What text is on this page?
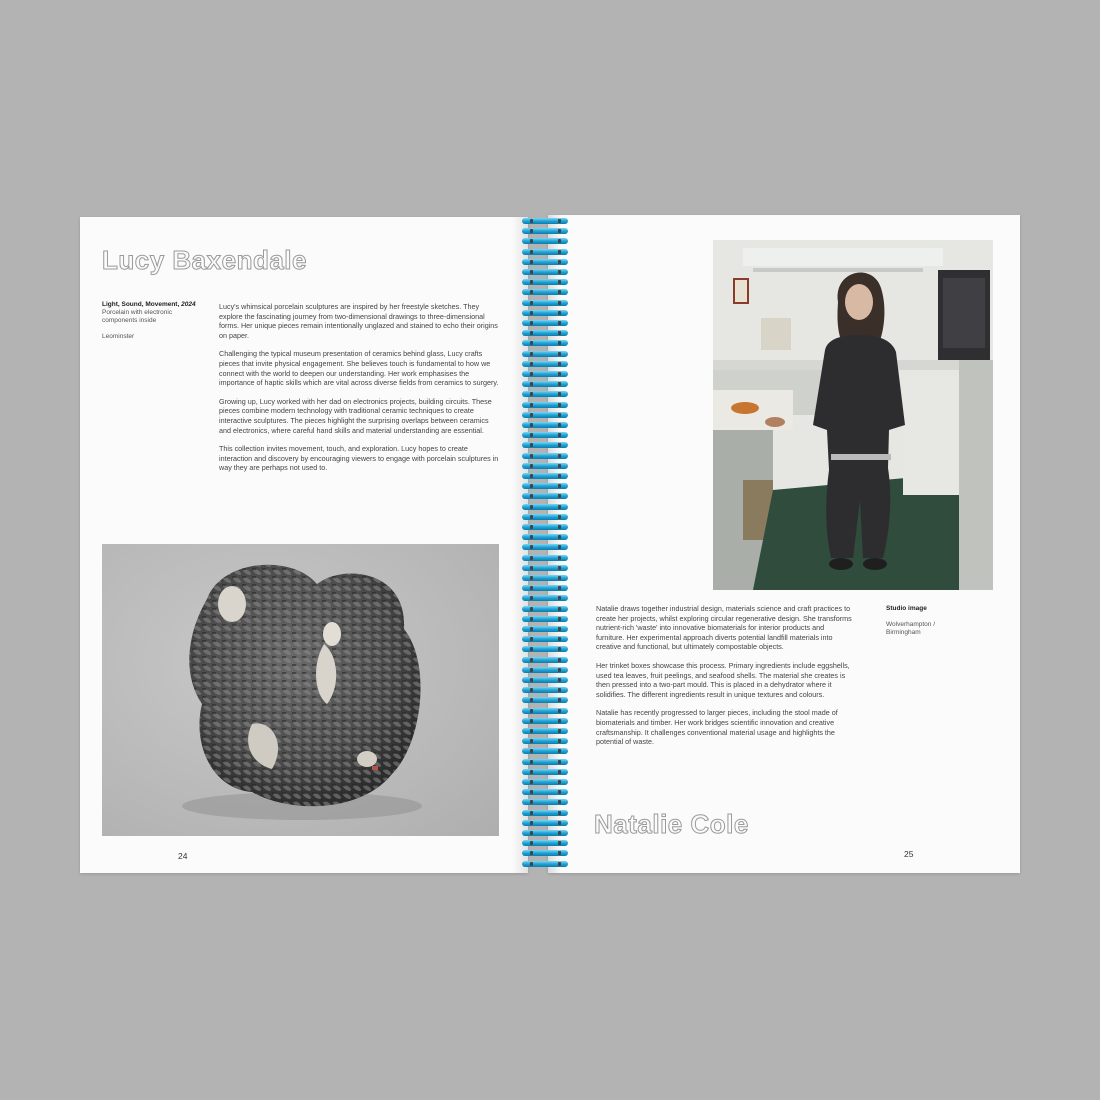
Lucy Baxendale
Light, Sound, Movement, 2024
Porcelain with electronic
components inside
Leominster

Lucy's whimsical porcelain sculptures are inspired by her freestyle sketches. They explore the fascinating journey from two-dimensional drawings to three-dimensional forms. Her unique pieces remain intentionally unglazed and stained to echo their origins on paper.

Challenging the typical museum presentation of ceramics behind glass, Lucy crafts pieces that invite physical engagement. She believes touch is fundamental to how we connect with the world to deepen our understanding. Her work emphasises the importance of haptic skills which are vital across diverse fields from ceramics to surgery.

Growing up, Lucy worked with her dad on electronics projects, building circuits. These pieces combine modern technology with traditional ceramic techniques to create interactive sculptures. The pieces highlight the surprising overlaps between ceramics and electronics, where careful hand skills and material understanding are essential.

This collection invites movement, touch, and exploration. Lucy hopes to create interaction and discovery by encouraging viewers to engage with porcelain sculptures in way they are perhaps not used to.

24
Studio image
Wolverhampton /
Birmingham

Natalie draws together industrial design, materials science and craft practices to create her projects, whilst exploring circular regenerative design. She transforms nutrient-rich 'waste' into innovative biomaterials for interior products and furniture. Her experimental approach diverts potential landfill materials into creative and functional, but ultimately compostable objects.

Her trinket boxes showcase this process. Primary ingredients include eggshells, used tea leaves, fruit peelings, and seafood shells. The material she creates is then pressed into a two-part mould. This is placed in a dehydrator where it solidifies. The different ingredients result in unique textures and colours.

Natalie has recently progressed to larger pieces, including the stool made of biomaterials and timber. Her work bridges scientific innovation and creative craftsmanship. It challenges conventional material usage and highlights the potential of waste.

Natalie Cole
25
